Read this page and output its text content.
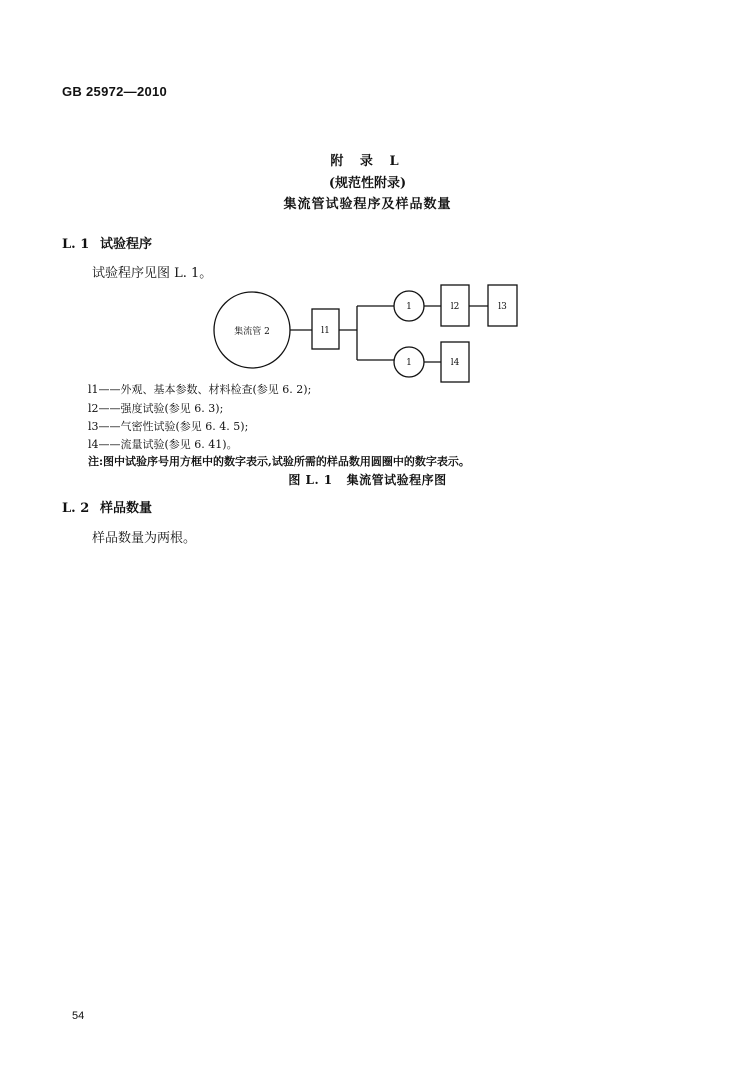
GB 25972—2010
附 录 L
(规范性附录)
集流管试验程序及样品数量
L. 1 试验程序
试验程序见图 L. 1。
集流管 2	l1
1	l2	l3
1	l4
l1——外观、基本参数、材料检查(参见 6. 2);
l2——强度试验(参见 6. 3);
l3——气密性试验(参见 6. 4. 5);
l4——流量试验(参见 6. 41)。
注:图中试验序号用方框中的数字表示,试验所需的样品数用圆圈中的数字表示。
图 L. 1 集流管试验程序图
L. 2 样品数量
样品数量为两根。
54
